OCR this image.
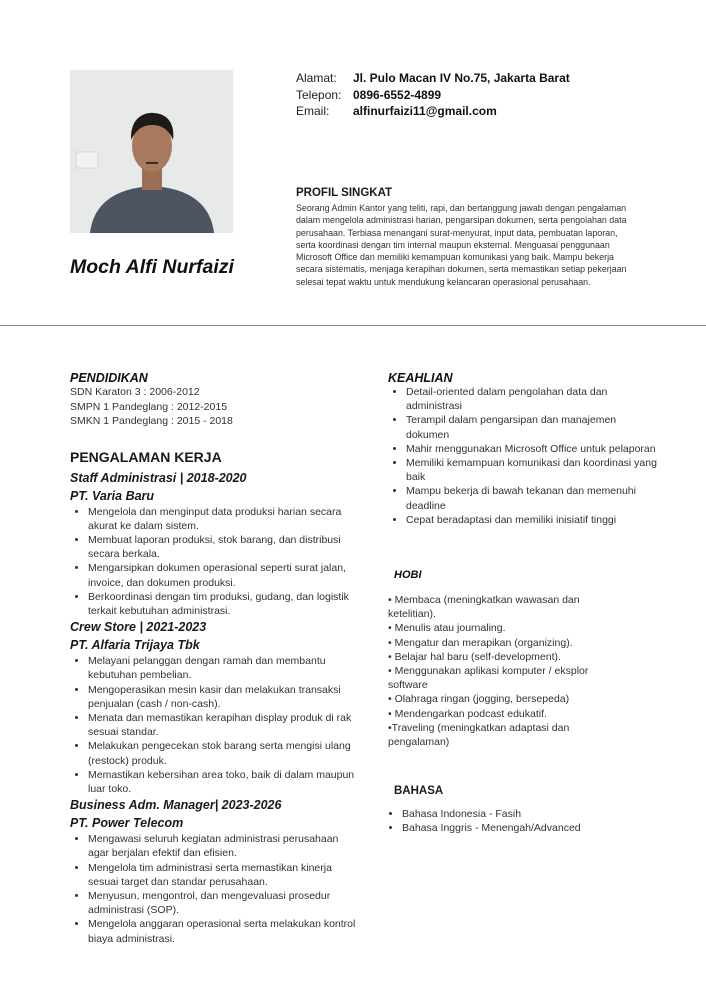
Moch Alfi Nurfaizi
Alamat:	Jl. Pulo Macan IV No.75, Jakarta Barat
Telepon: 0896-6552-4899
Email:	alfinurfaizi11@gmail.com
PROFIL SINGKAT
Seorang Admin Kantor yang teliti, rapi, dan bertanggung jawab dengan pengalaman dalam mengelola administrasi harian, pengarsipan dokumen, serta pengolahan data perusahaan. Terbiasa menangani surat-menyurat, input data, pembuatan laporan, serta koordinasi dengan tim internal maupun eksternal. Menguasai penggunaan Microsoft Office dan memiliki kemampuan komunikasi yang baik. Mampu bekerja secara sistematis, menjaga kerapihan dokumen, serta memastikan setiap pekerjaan selesai tepat waktu untuk mendukung kelancaran operasional perusahaan.
PENDIDIKAN
SDN Karaton 3 : 2006-2012
SMPN 1 Pandeglang : 2012-2015
SMKN 1 Pandeglang : 2015 - 2018
PENGALAMAN KERJA
Staff Administrasi | 2018-2020
PT. Varia Baru
• Mengelola dan menginput data produksi harian secara akurat ke dalam sistem.
• Membuat laporan produksi, stok barang, dan distribusi secara berkala.
• Mengarsipkan dokumen operasional seperti surat jalan, invoice, dan dokumen produksi.
• Berkoordinasi dengan tim produksi, gudang, dan logistik terkait kebutuhan administrasi.
Crew Store | 2021-2023
PT. Alfaria Trijaya Tbk
• Melayani pelanggan dengan ramah dan membantu kebutuhan pembelian.
• Mengoperasikan mesin kasir dan melakukan transaksi penjualan (cash / non-cash).
• Menata dan memastikan kerapihan display produk di rak sesuai standar.
• Melakukan pengecekan stok barang serta mengisi ulang (restock) produk.
• Memastikan kebersihan area toko, baik di dalam maupun luar toko.
Business Adm. Manager| 2023-2026
PT. Power Telecom
• Mengawasi seluruh kegiatan administrasi perusahaan agar berjalan efektif dan efisien.
• Mengelola tim administrasi serta memastikan kinerja sesuai target dan standar perusahaan.
• Menyusun, mengontrol, dan mengevaluasi prosedur administrasi (SOP).
• Mengelola anggaran operasional serta melakukan kontrol biaya administrasi.
KEAHLIAN
• Detail-oriented dalam pengolahan data dan administrasi
• Terampil dalam pengarsipan dan manajemen dokumen
• Mahir menggunakan Microsoft Office untuk pelaporan
• Memiliki kemampuan komunikasi dan koordinasi yang baik
• Mampu bekerja di bawah tekanan dan memenuhi deadline
• Cepat beradaptasi dan memiliki inisiatif tinggi
HOBI
• Membaca (meningkatkan wawasan dan ketelitian).
• Menulis atau journaling.
• Mengatur dan merapikan (organizing).
• Belajar hal baru (self-development).
• Menggunakan aplikasi komputer / eksplor software
• Olahraga ringan (jogging, bersepeda)
• Mendengarkan podcast edukatif.
•Traveling (meningkatkan adaptasi dan pengalaman)
BAHASA
• Bahasa Indonesia - Fasih
• Bahasa Inggris - Menengah/Advanced
